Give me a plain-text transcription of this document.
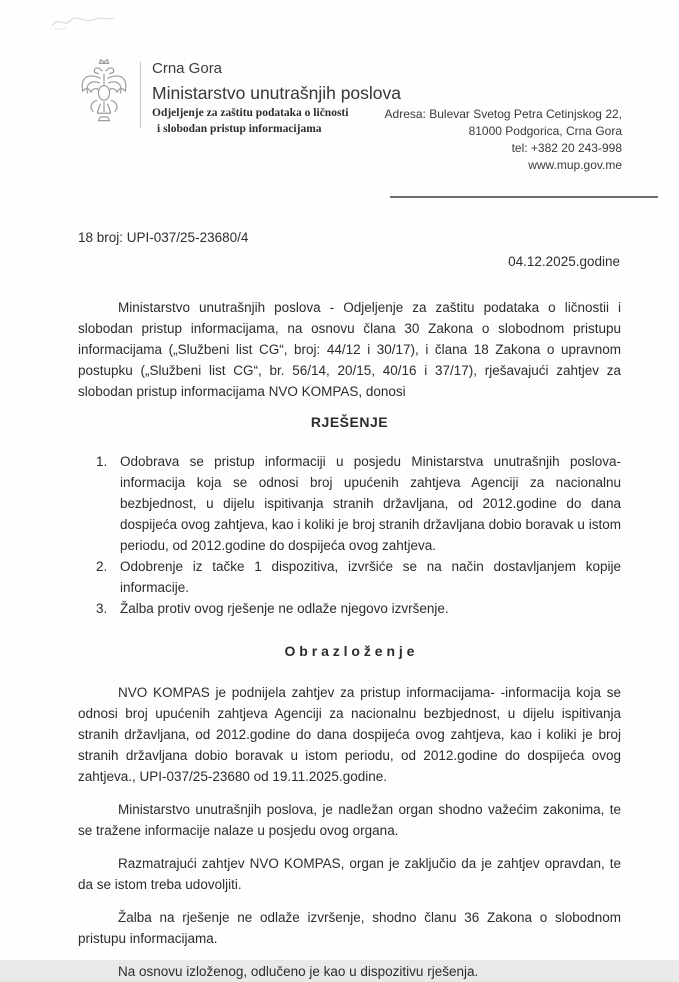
Crna Gora
Ministarstvo unutrašnjih poslova
Odjeljenje za zaštitu podataka o ličnosti
i slobodan pristup informacijama
Adresa: Bulevar Svetog Petra Cetinjskog 22,
81000 Podgorica, Crna Gora
tel: +382 20 243-998
www.mup.gov.me
18 broj: UPI-037/25-23680/4
04.12.2025.godine

Ministarstvo unutrašnjih poslova - Odjeljenje za zaštitu podataka o ličnostii i slobodan pristup informacijama, na osnovu člana 30 Zakona o slobodnom pristupu informacijama („Službeni list CG“, broj: 44/12 i 30/17), i člana 18 Zakona o upravnom postupku („Službeni list CG“, br. 56/14, 20/15, 40/16 i 37/17), rješavajući zahtjev za slobodan pristup informacijama NVO KOMPAS, donosi

RJEŠENJE
1. Odobrava se pristup informaciji u posjedu Ministarstva unutrašnjih poslova-informacija koja se odnosi broj upućenih zahtjeva Agenciji za nacionalnu bezbjednost, u dijelu ispitivanja stranih državljana, od 2012.godine do dana dospijeća ovog zahtjeva, kao i koliki je broj stranih državljana dobio boravak u istom periodu, od 2012.godine do dospijeća ovog zahtjeva.
2. Odobrenje iz tačke 1 dispozitiva, izvršiće se na način dostavljanjem kopije informacije.
3. Žalba protiv ovog rješenje ne odlaže njegovo izvršenje.
O b r a z l o ž e n j e

NVO KOMPAS je podnijela zahtjev za pristup informacijama- -informacija koja se odnosi broj upućenih zahtjeva Agenciji za nacionalnu bezbjednost, u dijelu ispitivanja stranih državljana, od 2012.godine do dana dospijeća ovog zahtjeva, kao i koliki je broj stranih državljana dobio boravak u istom periodu, od 2012.godine do dospijeća ovog zahtjeva., UPI-037/25-23680 od 19.11.2025.godine.

Ministarstvo unutrašnjih poslova, je nadležan organ shodno važećim zakonima, te se tražene informacije nalaze u posjedu ovog organa.

Razmatrajući zahtjev NVO KOMPAS, organ je zaključio da je zahtjev opravdan, te da se istom treba udovoljiti.

Žalba na rješenje ne odlaže izvršenje, shodno članu 36 Zakona o slobodnom pristupu informacijama.

Na osnovu izloženog, odlučeno je kao u dispozitivu rješenja.
